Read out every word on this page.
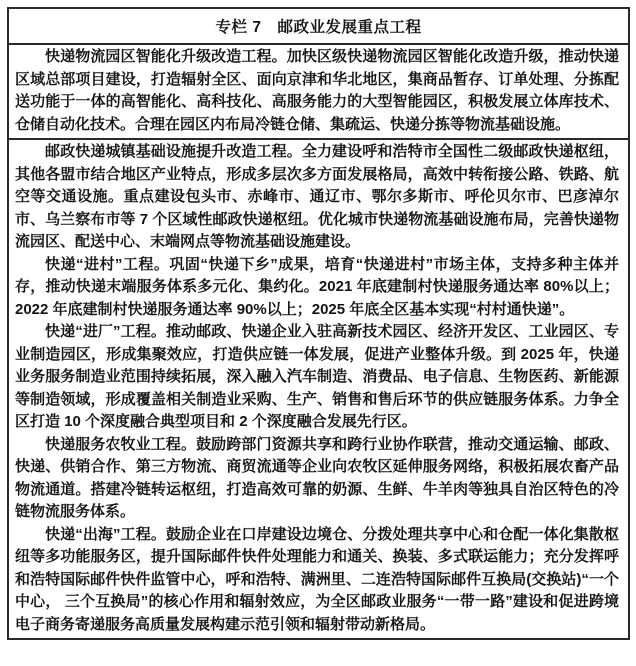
专栏 7　邮政业发展重点工程

快递物流园区智能化升级改造工程。加快区级快递物流园区智能化改造升级，推动快递区域总部项目建设，打造辐射全区、面向京津和华北地区，集商品暂存、订单处理、分拣配送功能于一体的高智能化、高科技化、高服务能力的大型智能园区，积极发展立体库技术、仓储自动化技术。合理在园区内布局冷链仓储、集疏运、快递分拣等物流基础设施。

邮政快递城镇基础设施提升改造工程。全力建设呼和浩特市全国性二级邮政快递枢纽，其他各盟市结合地区产业特点，形成多层次多方面发展格局，高效中转衔接公路、铁路、航空等交通设施。重点建设包头市、赤峰市、通辽市、鄂尔多斯市、呼伦贝尔市、巴彦淖尔市、乌兰察布市等 7 个区域性邮政快递枢纽。优化城市快递物流基础设施布局，完善快递物流园区、配送中心、末端网点等物流基础设施建设。

快递“进村”工程。巩固“快递下乡”成果，培育“快递进村”市场主体，支持多种主体并存，推动快递末端服务体系多元化、集约化。2021 年底建制村快递服务通达率 80%以上；2022 年底建制村快递服务通达率 90%以上；2025 年底全区基本实现“村村通快递”。

快递“进厂”工程。推动邮政、快递企业入驻高新技术园区、经济开发区、工业园区、专业制造园区，形成集聚效应，打造供应链一体发展，促进产业整体升级。到 2025 年，快递业务服务制造业范围持续拓展，深入融入汽车制造、消费品、电子信息、生物医药、新能源等制造领域，形成覆盖相关制造业采购、生产、销售和售后环节的供应链服务体系。力争全区打造 10 个深度融合典型项目和 2 个深度融合发展先行区。

快递服务农牧业工程。鼓励跨部门资源共享和跨行业协作联营，推动交通运输、邮政、快递、供销合作、第三方物流、商贸流通等企业向农牧区延伸服务网络，积极拓展农畜产品物流通道。搭建冷链转运枢纽，打造高效可靠的奶源、生鲜、牛羊肉等独具自治区特色的冷链物流服务体系。

快递“出海”工程。鼓励企业在口岸建设边境仓、分拨处理共享中心和仓配一体化集散枢纽等多功能服务区，提升国际邮件快件处理能力和通关、换装、多式联运能力；充分发挥呼和浩特国际邮件快件监管中心，呼和浩特、满洲里、二连浩特国际邮件互换局(交换站)“一个中心， 三个互换局”的核心作用和辐射效应，为全区邮政业服务“一带一路”建设和促进跨境电子商务寄递服务高质量发展构建示范引领和辐射带动新格局。
